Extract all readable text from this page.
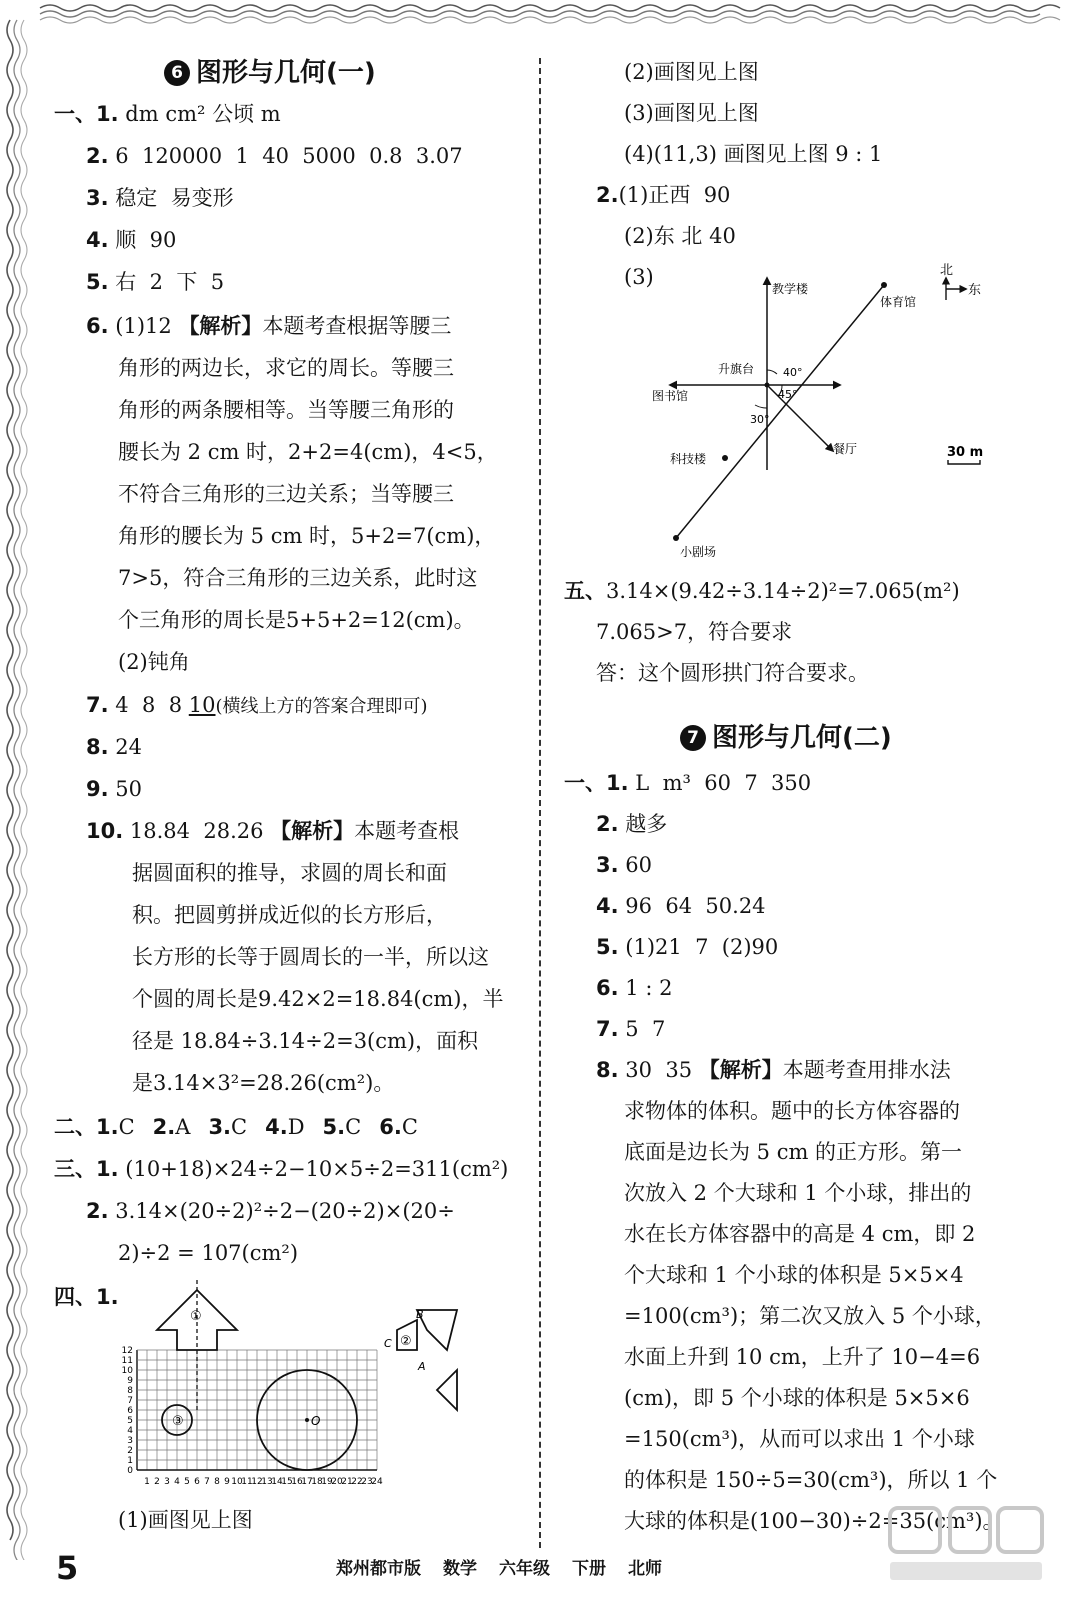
6 图形与几何(一)
一、1. dm cm² 公顷 m
2. 6  120000  1  40  5000  0.8  3.07
3. 稳定  易变形
4. 顺  90
5. 右  2  下  5
6. (1)12 【解析】本题考查根据等腰三
角形的两边长，求它的周长。等腰三
角形的两条腰相等。当等腰三角形的
腰长为 2 cm 时，2+2=4(cm)，4<5，
不符合三角形的三边关系；当等腰三
角形的腰长为 5 cm 时，5+2=7(cm)，
7>5，符合三角形的三边关系，此时这
个三角形的周长是5+5+2=12(cm)。
(2)钝角
7. 4  8  8 10(横线上方的答案合理即可)
8. 24
9. 50
10. 18.84  28.26 【解析】本题考查根
据圆面积的推导，求圆的周长和面
积。把圆剪拼成近似的长方形后，
长方形的长等于圆周长的一半，所以这
个圆的周长是9.42×2=18.84(cm)，半
径是 18.84÷3.14÷2=3(cm)，面积
是3.14×3²=28.26(cm²)。
二、1.C 2.A 3.C 4.D 5.C 6.C
三、1. (10+18)×24÷2−10×5÷2=311(cm²)
2. 3.14×(20÷2)²÷2−(20÷2)×(20÷
2)÷2 = 107(cm²)
四、1.
1 2 3 4 5 6 7 8 9 10
11
12
13
14
15
16
17
18
19
20
21
22
23
24
0
1
2
3
4
5
6
7
8
9
10
11
12
①
②
③	O
A
B
C
(1)画图见上图
(2)画图见上图
(3)画图见上图
(4)(11,3) 画图见上图 9 : 1
2.(1)正西  90
(2)东 北 40
(3)	教学楼
体育馆
升旗台
图书馆
科技楼
餐厅
小剧场
40°
45°
30°
北
东
30 m
五、3.14×(9.42÷3.14÷2)²=7.065(m²)
7.065>7，符合要求
答：这个圆形拱门符合要求。
7 图形与几何(二)
一、1. L  m³  60  7  350
2. 越多
3. 60
4. 96  64  50.24
5. (1)21  7  (2)90
6. 1 : 2
7. 5  7
8. 30  35 【解析】本题考查用排水法
求物体的体积。题中的长方体容器的
底面是边长为 5 cm 的正方形。第一
次放入 2 个大球和 1 个小球，排出的
水在长方体容器中的高是 4 cm，即 2
个大球和 1 个小球的体积是 5×5×4
=100(cm³)；第二次又放入 5 个小球，
水面上升到 10 cm，上升了 10−4=6
(cm)，即 5 个小球的体积是 5×5×6
=150(cm³)，从而可以求出 1 个小球
的体积是 150÷5=30(cm³)，所以 1 个
大球的体积是(100−30)÷2=35(cm³)。
5	郑州都市版 数学 六年级 下册 北师
